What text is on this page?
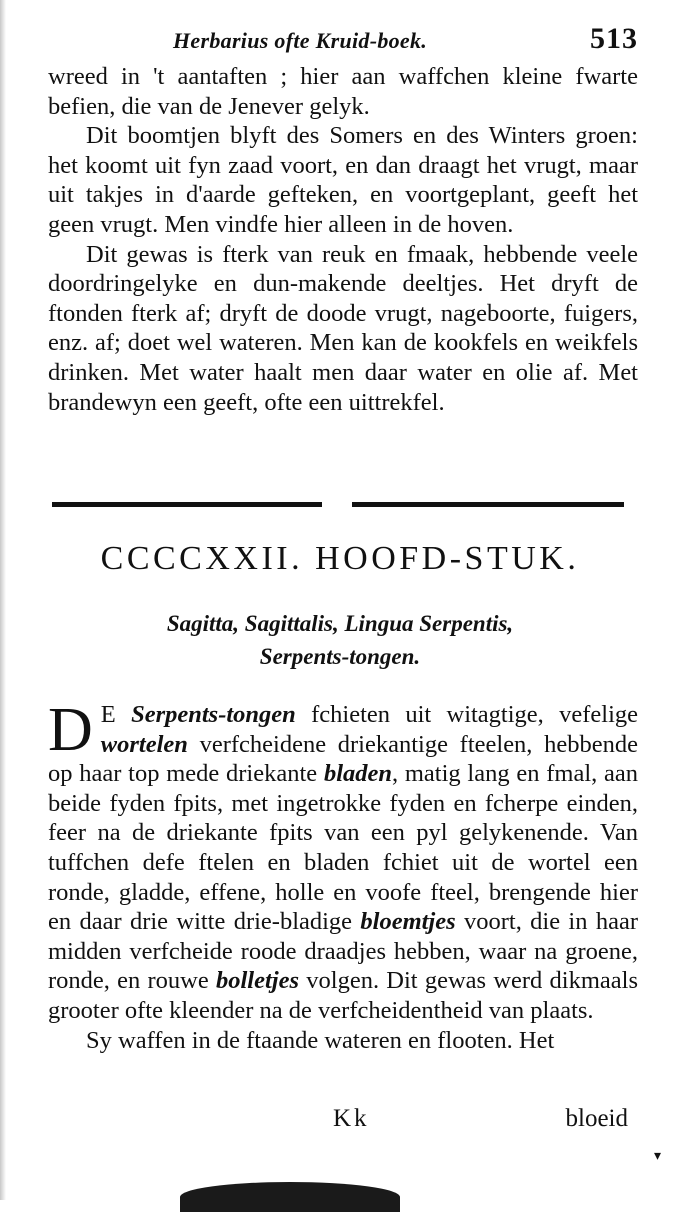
Herbarius ofte Kruid-boek.	513

wreed in 't aantaften ; hier aan waffchen kleine fwarte befien, die van de Jenever gelyk.

Dit boomtjen blyft des Somers en des Winters groen: het koomt uit fyn zaad voort, en dan draagt het vrugt, maar uit takjes in d'aarde gefteken, en voortgeplant, geeft het geen vrugt. Men vindfe hier alleen in de hoven.

Dit gewas is fterk van reuk en fmaak, hebbende veele doordringelyke en dun-makende deeltjes. Het dryft de ftonden fterk af; dryft de doode vrugt, nageboorte, fuigers, enz. af; doet wel wateren. Men kan de kookfels en weikfels drinken. Met water haalt men daar water en olie af. Met brandewyn een geeft, ofte een uittrekfel.

CCCCXXII. HOOFD-STUK.
Sagitta, Sagittalis, Lingua Serpentis,
Serpents-tongen.

D E Serpents-tongen fchieten uit witagtige, vefelige wortelen verfcheidene driekantige fteelen, hebbende op haar top mede driekante bladen, matig lang en fmal, aan beide fyden fpits, met ingetrokke fyden en fcherpe einden, feer na de driekante fpits van een pyl gelykenende. Van tuffchen defe ftelen en bladen fchiet uit de wortel een ronde, gladde, effene, holle en voofe fteel, brengende hier en daar drie witte drie-bladige bloemtjes voort, die in haar midden verfcheide roode draadjes hebben, waar na groene, ronde, en rouwe bolletjes volgen. Dit gewas werd dikmaals grooter ofte kleender na de verfcheidentheid van plaats.

Sy waffen in de ftaande wateren en flooten. Het

Kk	bloeid
▾
